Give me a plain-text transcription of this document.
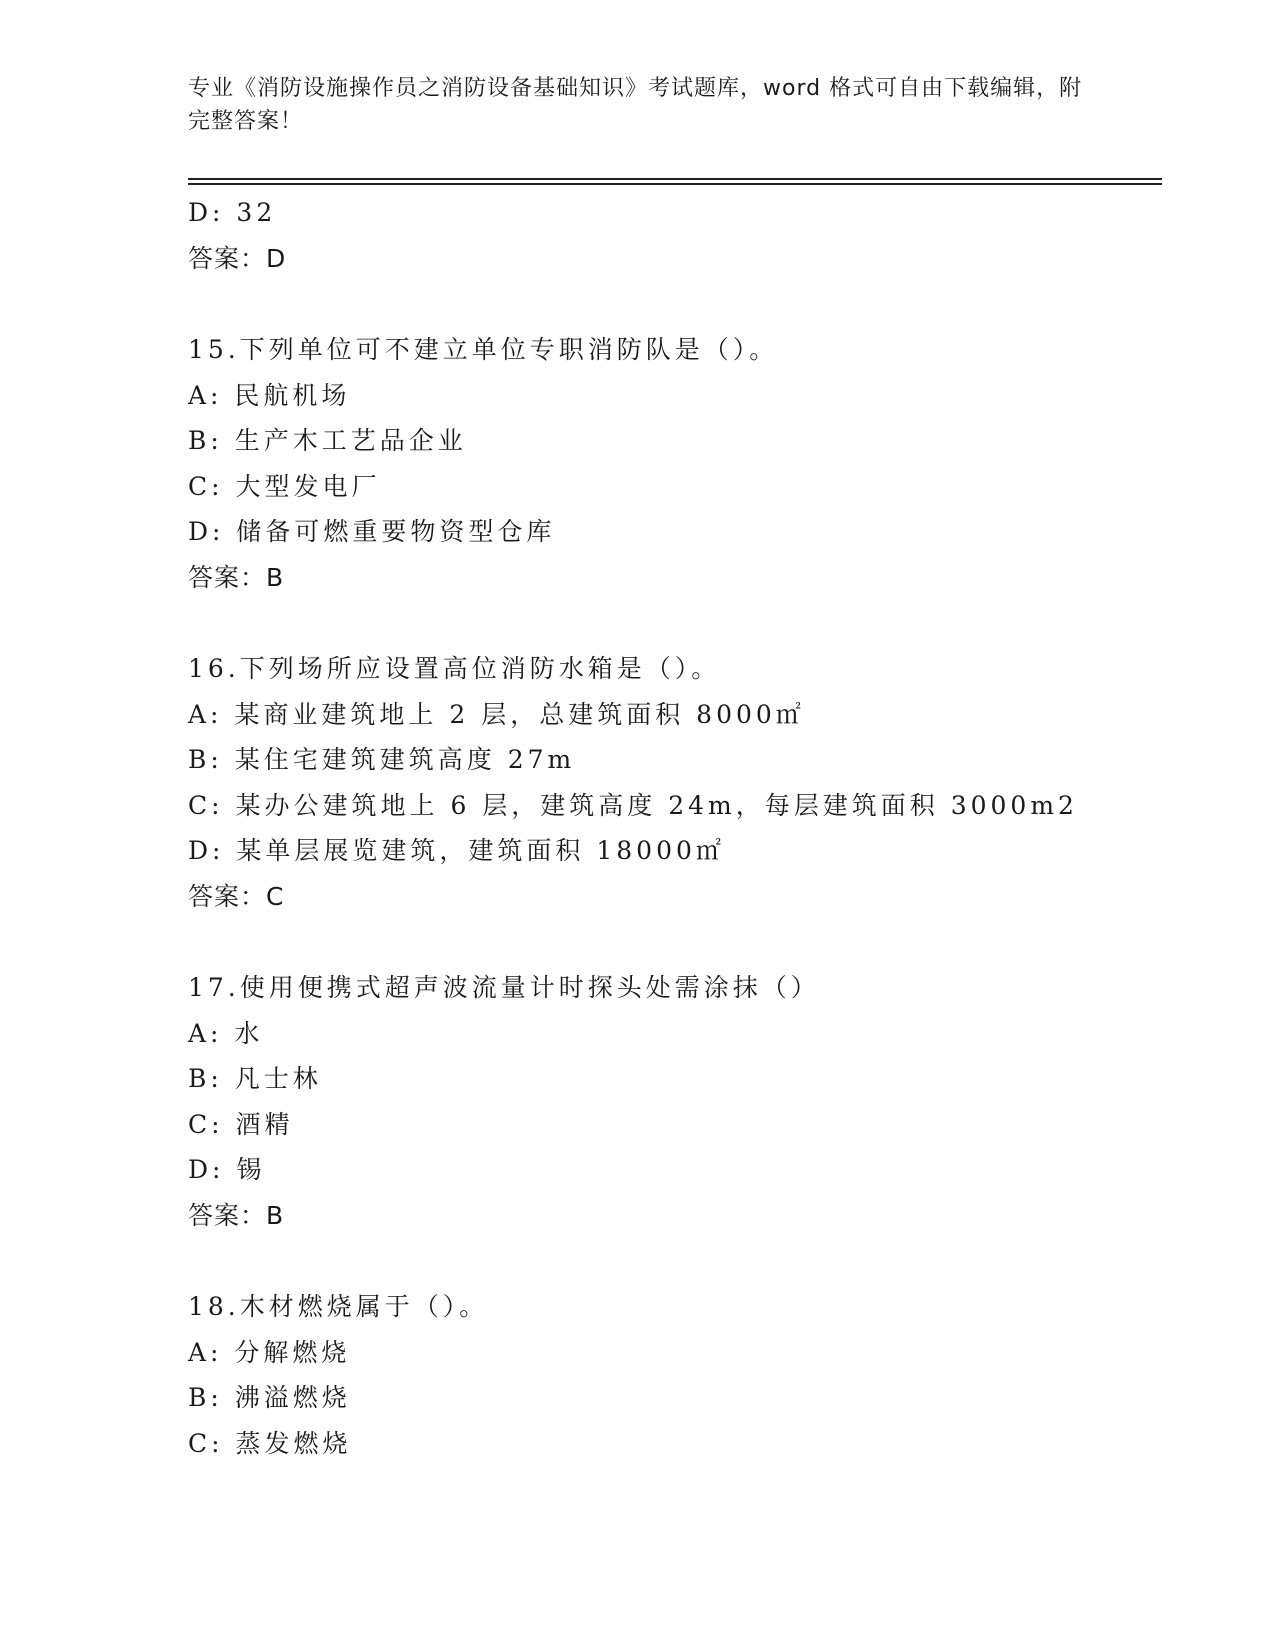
专业《消防设施操作员之消防设备基础知识》考试题库，word 格式可自由下载编辑，附完整答案！
D: 32
答案：D
15.下列单位可不建立单位专职消防队是（）。
A: 民航机场
B: 生产木工艺品企业
C: 大型发电厂
D: 储备可燃重要物资型仓库
答案：B
16.下列场所应设置高位消防水箱是（）。
A: 某商业建筑地上 2 层，总建筑面积 8000㎡
B: 某住宅建筑建筑高度 27m
C: 某办公建筑地上 6 层，建筑高度 24m，每层建筑面积 3000m2
D: 某单层展览建筑，建筑面积 18000㎡
答案：C
17.使用便携式超声波流量计时探头处需涂抹（）
A: 水
B: 凡士林
C: 酒精
D: 锡
答案：B
18.木材燃烧属于（）。
A: 分解燃烧
B: 沸溢燃烧
C: 蒸发燃烧
